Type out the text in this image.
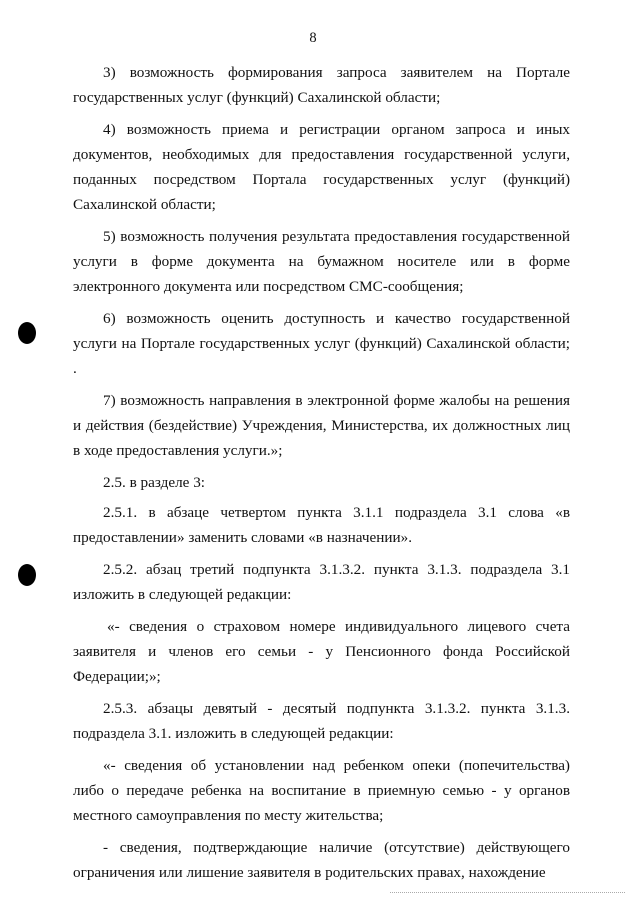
8

3) возможность формирования запроса заявителем на Портале государственных услуг (функций) Сахалинской области;

4) возможность приема и регистрации органом запроса и иных документов, необходимых для предоставления государственной услуги, поданных посредством Портала государственных услуг (функций) Сахалинской области;

5) возможность получения результата предоставления государственной услуги в форме документа на бумажном носителе или в форме электронного документа или посредством СМС-сообщения;

6) возможность оценить доступность и качество государственной услуги на Портале государственных услуг (функций) Сахалинской области; .

7) возможность направления в электронной форме жалобы на решения и действия (бездействие) Учреждения, Министерства, их должностных лиц в ходе предоставления услуги.»;

2.5. в разделе 3:

2.5.1. в абзаце четвертом пункта 3.1.1 подраздела 3.1 слова «в предоставлении» заменить словами «в назначении».

2.5.2. абзац третий подпункта 3.1.3.2. пункта 3.1.3. подраздела 3.1 изложить в следующей редакции:

«- сведения о страховом номере индивидуального лицевого счета заявителя и членов его семьи - у Пенсионного фонда Российской Федерации;»;

2.5.3. абзацы девятый - десятый подпункта 3.1.3.2. пункта 3.1.3. подраздела 3.1. изложить в следующей редакции:

«- сведения об установлении над ребенком опеки (попечительства) либо о передаче ребенка на воспитание в приемную семью - у органов местного самоуправления по месту жительства;

- сведения, подтверждающие наличие (отсутствие) действующего ограничения или лишение заявителя в родительских правах, нахождение
